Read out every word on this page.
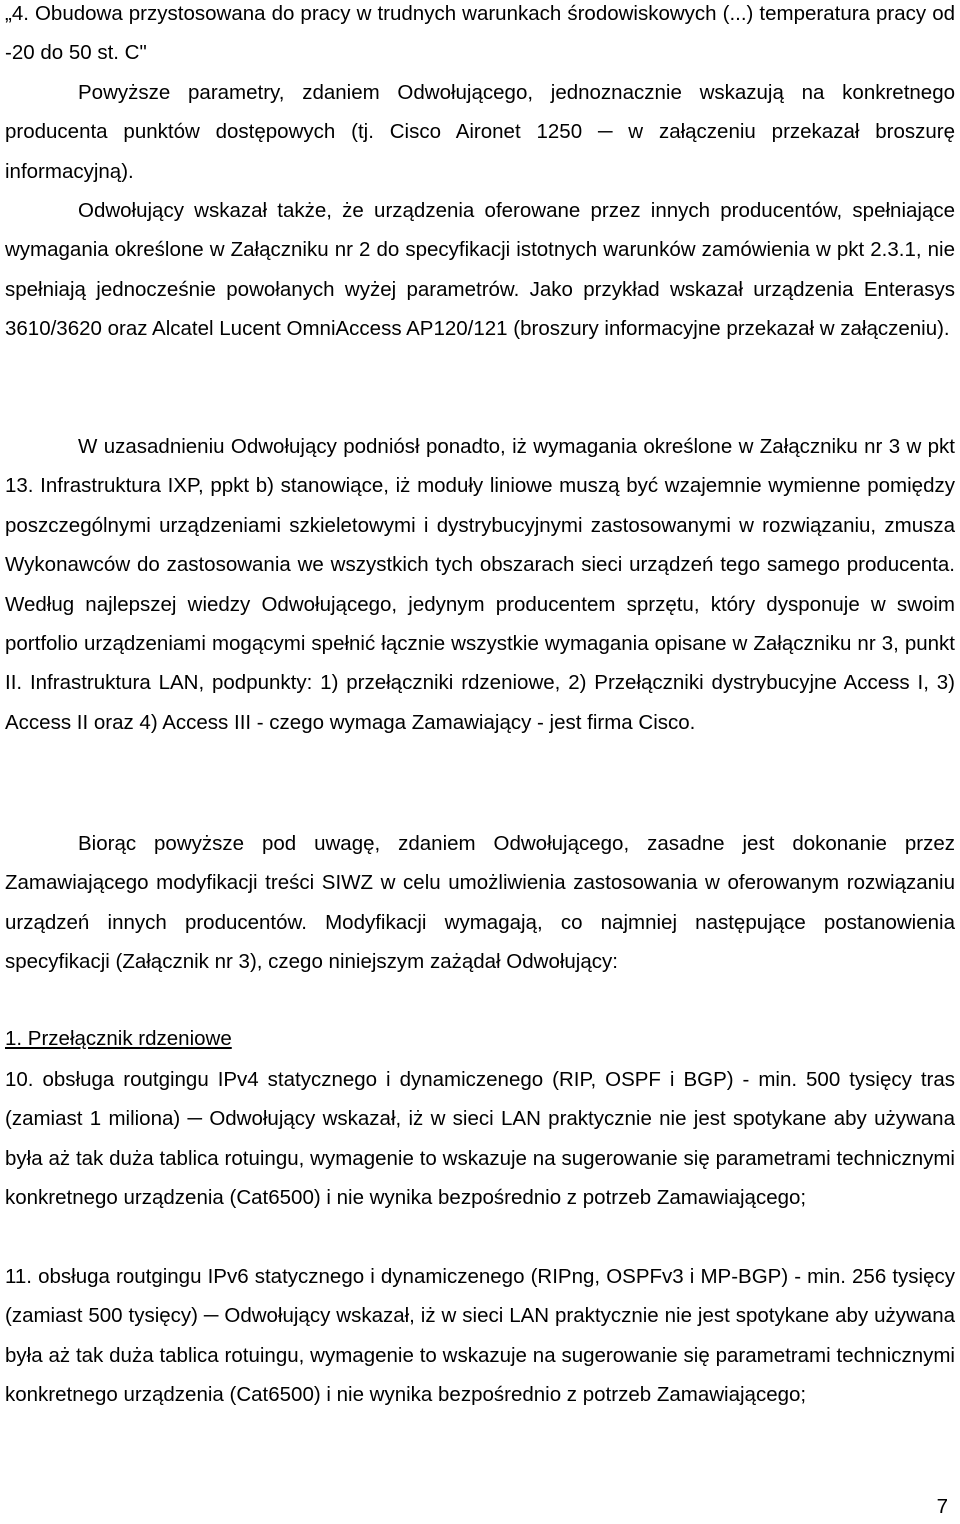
„4. Obudowa przystosowana do pracy w trudnych warunkach środowiskowych (...) temperatura pracy od -20 do 50 st. C"

Powyższe parametry, zdaniem Odwołującego, jednoznacznie wskazują na konkretnego producenta punktów dostępowych (tj. Cisco Aironet 1250 ─ w załączeniu przekazał broszurę informacyjną).

Odwołujący wskazał także, że urządzenia oferowane przez innych producentów, spełniające wymagania określone w Załączniku nr 2 do specyfikacji istotnych warunków zamówienia w pkt 2.3.1, nie spełniają jednocześnie powołanych wyżej parametrów. Jako przykład wskazał urządzenia Enterasys 3610/3620 oraz Alcatel Lucent OmniAccess AP120/121 (broszury informacyjne przekazał w załączeniu).

W uzasadnieniu Odwołujący podniósł ponadto, iż wymagania określone w Załączniku nr 3 w pkt 13. Infrastruktura IXP, ppkt b) stanowiące, iż moduły liniowe muszą być wzajemnie wymienne pomiędzy poszczególnymi urządzeniami szkieletowymi i dystrybucyjnymi zastosowanymi w rozwiązaniu, zmusza Wykonawców do zastosowania we wszystkich tych obszarach sieci urządzeń tego samego producenta. Według najlepszej wiedzy Odwołującego, jedynym producentem sprzętu, który dysponuje w swoim portfolio urządzeniami mogącymi spełnić łącznie wszystkie wymagania opisane w Załączniku nr 3, punkt II. Infrastruktura LAN, podpunkty: 1) przełączniki rdzeniowe, 2) Przełączniki dystrybucyjne Access I, 3) Access II oraz 4) Access III - czego wymaga Zamawiający - jest firma Cisco.

Biorąc powyższe pod uwagę, zdaniem Odwołującego, zasadne jest dokonanie przez Zamawiającego modyfikacji treści SIWZ w celu umożliwienia zastosowania w oferowanym rozwiązaniu urządzeń innych producentów. Modyfikacji wymagają, co najmniej następujące postanowienia specyfikacji (Załącznik nr 3), czego niniejszym zażądał Odwołujący:

1. Przełącznik rdzeniowe

10. obsługa routgingu IPv4 statycznego i dynamiczenego (RIP, OSPF i BGP) - min. 500 tysięcy tras (zamiast 1 miliona) ─ Odwołujący wskazał, iż w sieci LAN praktycznie nie jest spotykane aby używana była aż tak duża tablica rotuingu, wymagenie to wskazuje na sugerowanie się parametrami technicznymi konkretnego urządzenia (Cat6500) i nie wynika bezpośrednio z potrzeb Zamawiającego;

11. obsługa routgingu IPv6 statycznego i dynamiczenego (RIPng, OSPFv3 i MP-BGP) - min. 256 tysięcy (zamiast 500 tysięcy) ─ Odwołujący wskazał, iż w sieci LAN praktycznie nie jest spotykane aby używana była aż tak duża tablica rotuingu, wymagenie to wskazuje na sugerowanie się parametrami technicznymi konkretnego urządzenia (Cat6500) i nie wynika bezpośrednio z potrzeb Zamawiającego;

7
